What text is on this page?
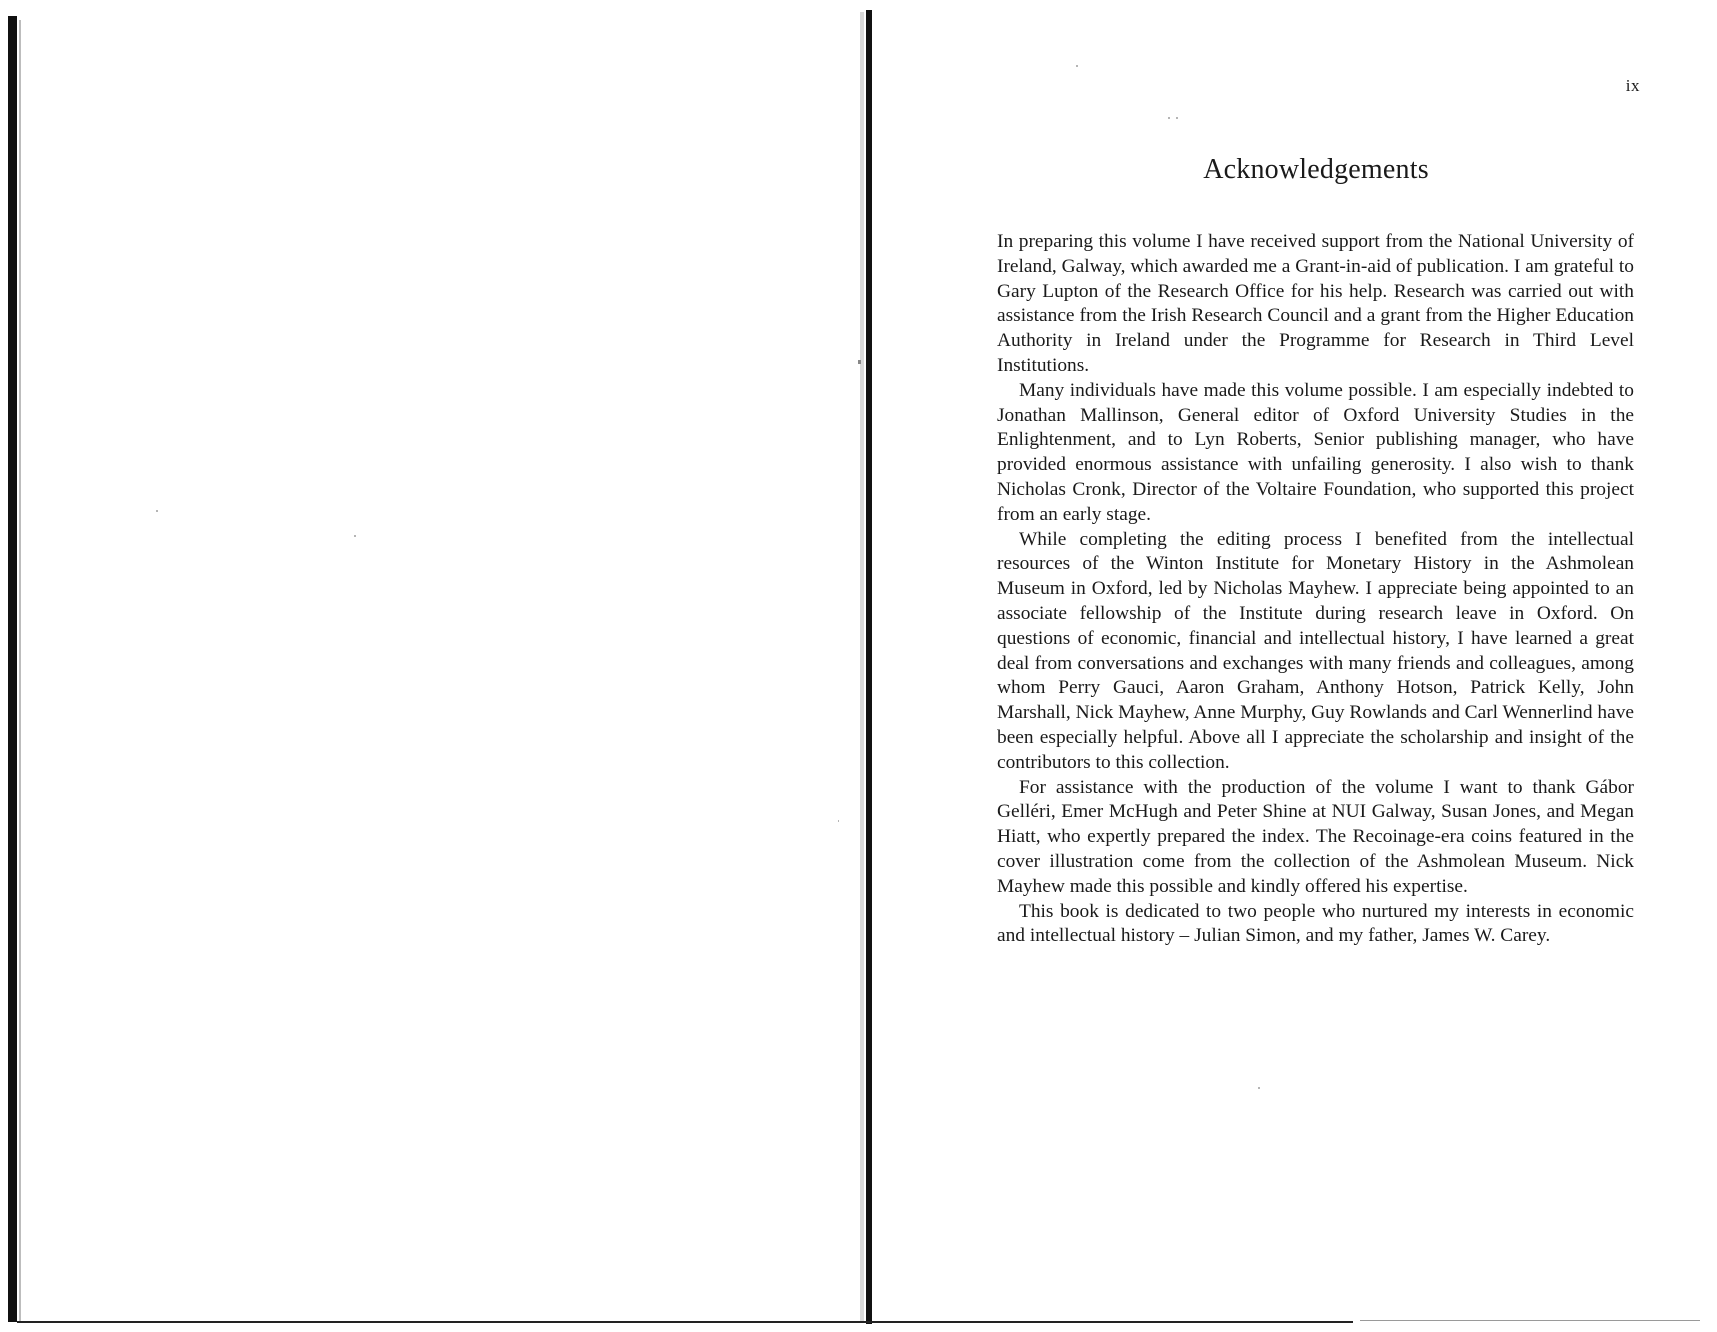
ix
Acknowledgements

In preparing this volume I have received support from the National University of Ireland, Galway, which awarded me a Grant-in-aid of publication. I am grateful to Gary Lupton of the Research Office for his help. Research was carried out with assistance from the Irish Research Council and a grant from the Higher Education Authority in Ireland under the Programme for Research in Third Level Institutions.

Many individuals have made this volume possible. I am especially indebted to Jonathan Mallinson, General editor of Oxford University Studies in the Enlightenment, and to Lyn Roberts, Senior publishing manager, who have provided enormous assistance with unfailing generosity. I also wish to thank Nicholas Cronk, Director of the Voltaire Foundation, who supported this project from an early stage.

While completing the editing process I benefited from the intellectual resources of the Winton Institute for Monetary History in the Ashmolean Museum in Oxford, led by Nicholas Mayhew. I appreciate being appointed to an associate fellowship of the Institute during research leave in Oxford. On questions of economic, financial and intellectual history, I have learned a great deal from conversations and exchanges with many friends and colleagues, among whom Perry Gauci, Aaron Graham, Anthony Hotson, Patrick Kelly, John Marshall, Nick Mayhew, Anne Murphy, Guy Rowlands and Carl Wennerlind have been especially helpful. Above all I appreciate the scholarship and insight of the contributors to this collection.

For assistance with the production of the volume I want to thank Gábor Gelléri, Emer McHugh and Peter Shine at NUI Galway, Susan Jones, and Megan Hiatt, who expertly prepared the index. The Recoinage-era coins featured in the cover illustration come from the collection of the Ashmolean Museum. Nick Mayhew made this possible and kindly offered his expertise.

This book is dedicated to two people who nurtured my interests in economic and intellectual history – Julian Simon, and my father, James W. Carey.
